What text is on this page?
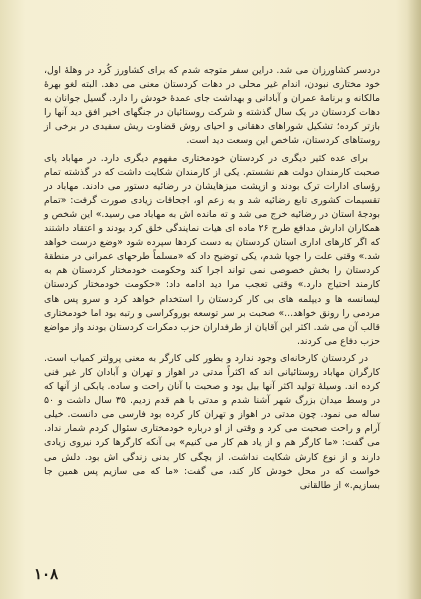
دردسر کشاورزان می شد. دراین سفر متوجه شدم که برای کشاورز کُرد در وهلهٔ اول، خود مختاری نبودن، اندام غیر محلی در دهات کردستان معنی می دهد. البته لغو بهرهٔ مالکانه و برنامهٔ عمران و آبادانی و بهداشت جای عمدهٔ خودش را دارد. گسیل جوانان به دهات کردستان در یک سال گذشته و شرکت روستائیان در جنگهای اخیر افق دید آنها را بازتر کرده؛ تشکیل شوراهای دهقانی و احیای روش قضاوت ریش سفیدی در برخی از روستاهای کردستان، شاخص این وسعت دید است.

برای عده کثیر دیگری در کردستان خودمختاری مفهوم دیگری دارد. در مهاباد پای صحبت کارمندان دولت هم نشستم. یکی از کارمندان شکایت داشت که در گذشته تمام رؤسای ادارات ترک بودند و ازپشت میزهایشان در رضائیه دستور می دادند. مهاباد در تقسیمات کشوری تابع رضائیه شد و به زعم او، اجحافات زیادی صورت گرفت: «تمام بودجهٔ استان در رضائیه خرج می شد و ته مانده اش به مهاباد می رسید.» این شخص و همکاران ادارش مدافع طرح ۲۶ ماده ای هیات نمایندگی خلق کرد بودند و اعتقاد داشتند که اگر کارهای اداری استان کردستان به دست کردها سپرده شود «وضع درست خواهد شد.» وقتی علت را جویا شدم، یکی توضیح داد که «مسلماً طرحهای عمرانی در منطقهٔ کردستان را بخش خصوصی نمی تواند اجرا کند وحکومت خودمختار کردستان هم به کارمند احتیاج دارد.» وقتی تعجب مرا دید ادامه داد: «حکومت خودمختار کردستان لیسانسه ها و دیپلمه های بی کار کردستان را استخدام خواهد کرد و سرو پس های مردمی را رونق خواهد...» صحبت بر سر توسعه بوروکراسی و رتبه بود اما خودمختاری قالب آن می شد. اکثر این آقایان از طرفداران حزب دمکرات کردستان بودند واز مواضع حزب دفاع می کردند.

در کردستان کارخانه‌ای وجود ندارد و بطور کلی کارگر به معنی پرولتر کمیاب است. کارگران مهاباد روستائیانی اند که اکثراً مدتی در اهواز و تهران و آبادان کار غیر فنی کرده اند. وسیلهٔ تولید اکثر آنها بیل بود و صحبت با آنان راحت و ساده. یابکی از آنها که در وسط میدان بزرگ شهر آشنا شدم و مدتی با هم قدم زدیم. ۳۵ سال داشت و ۵۰ ساله می نمود. چون مدتی در اهواز و تهران کار کرده بود فارسی می دانست. خیلی آرام و راحت صحبت می کرد و وقتی از او درباره خودمختاری سئوال کردم شمار نداد. می گفت: «ما کارگر هم و از یاد هم کار می کنیم» بی آنکه کارگرها کرد نیروی زیادی دارند و از نوع کارش شکایت نداشت. از بچگی کار بدنی زندگی اش بود. دلش می خواست که در محل خودش کار کند، می گفت: «ما که می سازیم پس همین جا بسازیم.» از طالقانی

۱۰۸
